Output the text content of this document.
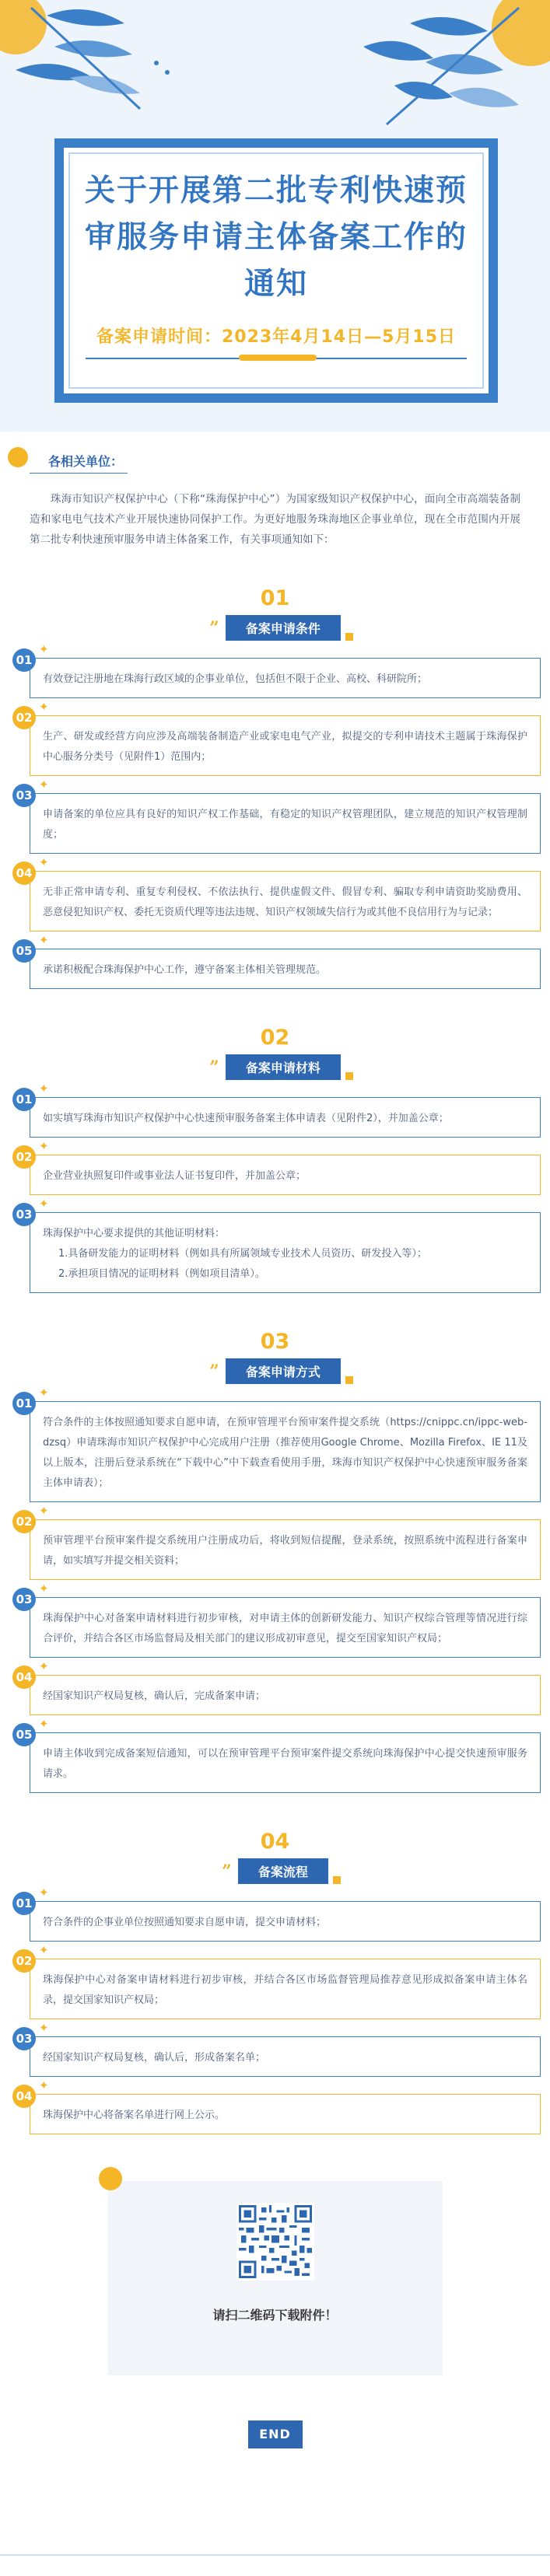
关于开展第二批专利快速预审服务申请主体备案工作的通知
备案申请时间：2023年4月14日—5月15日
各相关单位：

珠海市知识产权保护中心（下称“珠海保护中心”）为国家级知识产权保护中心，面向全市高端装备制造和家电电气技术产业开展快速协同保护工作。为更好地服务珠海地区企事业单位，现在全市范围内开展第二批专利快速预审服务申请主体备案工作，有关事项通知如下：

01
”	备案申请条件
01
✦
有效登记注册地在珠海行政区域的企事业单位，包括但不限于企业、高校、科研院所；
02
✦
生产、研发或经营方向应涉及高端装备制造产业或家电电气产业，拟提交的专利申请技术主题属于珠海保护中心服务分类号（见附件1）范围内；
03
✦
申请备案的单位应具有良好的知识产权工作基础，有稳定的知识产权管理团队，建立规范的知识产权管理制度；
04
✦
无非正常申请专利、重复专利侵权、不依法执行、提供虚假文件、假冒专利、骗取专利申请资助奖励费用、恶意侵犯知识产权、委托无资质代理等违法违规、知识产权领域失信行为或其他不良信用行为与记录；
05
✦
承诺积极配合珠海保护中心工作，遵守备案主体相关管理规范。
02
”	备案申请材料
01
✦
如实填写珠海市知识产权保护中心快速预审服务备案主体申请表（见附件2），并加盖公章；
02
✦
企业营业执照复印件或事业法人证书复印件，并加盖公章；
03
✦
珠海保护中心要求提供的其他证明材料：
1.具备研发能力的证明材料（例如具有所属领域专业技术人员资历、研发投入等）；
2.承担项目情况的证明材料（例如项目清单）。
03
”	备案申请方式
01
✦
符合条件的主体按照通知要求自愿申请，在预审管理平台预审案件提交系统（https://cnippc.cn/ippc-web-dzsq）申请珠海市知识产权保护中心完成用户注册（推荐使用Google Chrome、Mozilla Firefox、IE 11及以上版本，注册后登录系统在“下载中心”中下载查看使用手册，珠海市知识产权保护中心快速预审服务备案主体申请表）；
02
✦
预审管理平台预审案件提交系统用户注册成功后，将收到短信提醒，登录系统，按照系统中流程进行备案申请，如实填写并提交相关资料；
03
✦
珠海保护中心对备案申请材料进行初步审核，对申请主体的创新研发能力、知识产权综合管理等情况进行综合评价，并结合各区市场监督局及相关部门的建议形成初审意见，提交至国家知识产权局；
04
✦
经国家知识产权局复核，确认后，完成备案申请；
05
✦
申请主体收到完成备案短信通知，可以在预审管理平台预审案件提交系统向珠海保护中心提交快速预审服务请求。
04
”	备案流程
01
✦
符合条件的企事业单位按照通知要求自愿申请，提交申请材料；
02
✦
珠海保护中心对备案申请材料进行初步审核，并结合各区市场监督管理局推荐意见形成拟备案申请主体名录，提交国家知识产权局；
03
✦
经国家知识产权局复核，确认后，形成备案名单；
04
✦
珠海保护中心将备案名单进行网上公示。
请扫二维码下载附件！
END
